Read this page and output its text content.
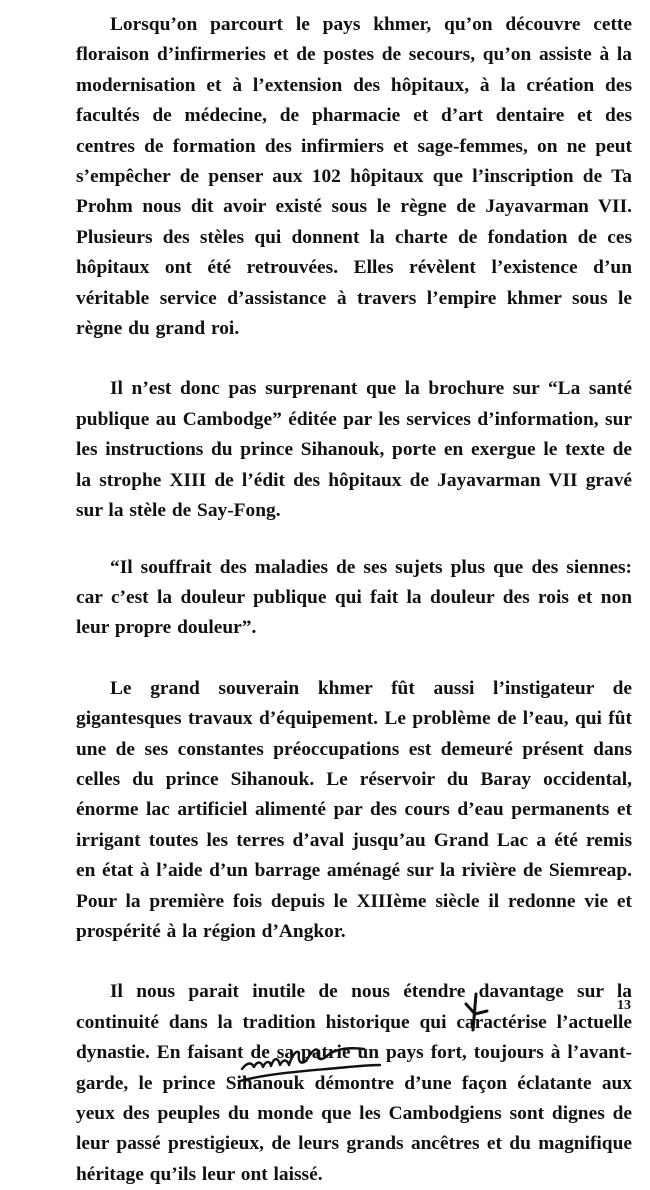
Lorsqu’on parcourt le pays khmer, qu’on découvre cette floraison d’infirmeries et de postes de secours, qu’on assiste à la modernisation et à l’extension des hôpitaux, à la création des facultés de médecine, de pharmacie et d’art dentaire et des centres de formation des infirmiers et sage-femmes, on ne peut s’empêcher de penser aux 102 hôpitaux que l’inscription de Ta Prohm nous dit avoir existé sous le règne de Jayavarman VII. Plusieurs des stèles qui donnent la charte de fondation de ces hôpitaux ont été retrouvées. Elles révèlent l’existence d’un véritable service d’assistance à travers l’empire khmer sous le règne du grand roi.

Il n’est donc pas surprenant que la brochure sur “La santé publique au Cambodge” éditée par les services d’information, sur les instructions du prince Sihanouk, porte en exergue le texte de la strophe XIII de l’édit des hôpitaux de Jayavarman VII gravé sur la stèle de Say-Fong.

“Il souffrait des maladies de ses sujets plus que des siennes: car c’est la douleur publique qui fait la douleur des rois et non leur propre douleur”.

Le grand souverain khmer fût aussi l’instigateur de gigantesques travaux d’équipement. Le problème de l’eau, qui fût une de ses constantes préoccupations est demeuré présent dans celles du prince Sihanouk. Le réservoir du Baray occidental, énorme lac artificiel alimenté par des cours d’eau permanents et irrigant toutes les terres d’aval jusqu’au Grand Lac a été remis en état à l’aide d’un barrage aménagé sur la rivière de Siemreap. Pour la première fois depuis le XIIIème siècle il redonne vie et prospérité à la région d’Angkor.

Il nous parait inutile de nous étendre davantage sur la continuité dans la tradition historique qui caractérise l’actuelle dynastie. En faisant de sa patrie un pays fort, toujours à l’avant-garde, le prince Sihanouk démontre d’une façon éclatante aux yeux des peuples du monde que les Cambodgiens sont dignes de leur passé prestigieux, de leurs grands ancêtres et du magnifique héritage qu’ils leur ont laissé.

13
